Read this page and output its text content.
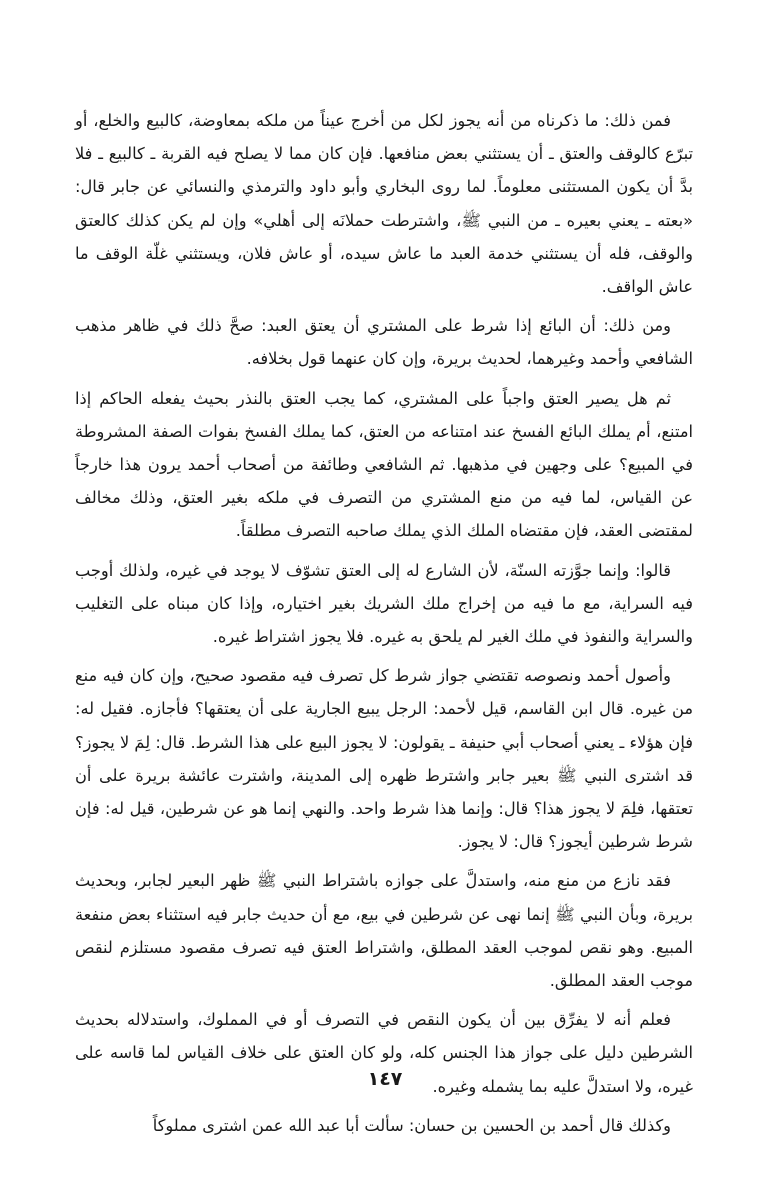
فمن ذلك: ما ذكرناه من أنه يجوز لكل من أخرج عيناً من ملكه بمعاوضة، كالبيع والخلع، أو تبرّع كالوقف والعتق ـ أن يستثني بعض منافعها. فإن كان مما لا يصلح فيه القربة ـ كالبيع ـ فلا بدَّ أن يكون المستثنى معلوماً. لما روى البخاري وأبو داود والترمذي والنسائي عن جابر قال: «بعته ـ يعني بعيره ـ من النبي ﷺ، واشترطت حملانَه إلى أهلي» وإن لم يكن كذلك كالعتق والوقف، فله أن يستثني خدمة العبد ما عاش سيده، أو عاش فلان، ويستثني غلّة الوقف ما عاش الواقف.

ومن ذلك: أن البائع إذا شرط على المشتري أن يعتق العبد: صحَّ ذلك في ظاهر مذهب الشافعي وأحمد وغيرهما، لحديث بريرة، وإن كان عنهما قول بخلافه.

ثم هل يصير العتق واجباً على المشتري، كما يجب العتق بالنذر بحيث يفعله الحاكم إذا امتنع، أم يملك البائع الفسخ عند امتناعه من العتق، كما يملك الفسخ بفوات الصفة المشروطة في المبيع؟ على وجهين في مذهبها. ثم الشافعي وطائفة من أصحاب أحمد يرون هذا خارجاً عن القياس، لما فيه من منع المشتري من التصرف في ملكه بغير العتق، وذلك مخالف لمقتضى العقد، فإن مقتضاه الملك الذي يملك صاحبه التصرف مطلقاً.

قالوا: وإنما جوَّزته السنّة، لأن الشارع له إلى العتق تشوّف لا يوجد في غيره، ولذلك أوجب فيه السراية، مع ما فيه من إخراج ملك الشريك بغير اختياره، وإذا كان مبناه على التغليب والسراية والنفوذ في ملك الغير لم يلحق به غيره. فلا يجوز اشتراط غيره.

وأصول أحمد ونصوصه تقتضي جواز شرط كل تصرف فيه مقصود صحيح، وإن كان فيه منع من غيره. قال ابن القاسم، قيل لأحمد: الرجل يبيع الجارية على أن يعتقها؟ فأجازه. فقيل له: فإن هؤلاء ـ يعني أصحاب أبي حنيفة ـ يقولون: لا يجوز البيع على هذا الشرط. قال: لِمَ لا يجوز؟ قد اشترى النبي ﷺ بعير جابر واشترط ظهره إلى المدينة، واشترت عائشة بريرة على أن تعتقها، فلِمَ لا يجوز هذا؟ قال: وإنما هذا شرط واحد. والنهي إنما هو عن شرطين، قيل له: فإن شرط شرطين أيجوز؟ قال: لا يجوز.

فقد نازع من منع منه، واستدلَّ على جوازه باشتراط النبي ﷺ ظهر البعير لجابر، وبحديث بريرة، وبأن النبي ﷺ إنما نهى عن شرطين في بيع، مع أن حديث جابر فيه استثناء بعض منفعة المبيع. وهو نقص لموجب العقد المطلق، واشتراط العتق فيه تصرف مقصود مستلزم لنقص موجب العقد المطلق.

فعلم أنه لا يفرِّق بين أن يكون النقص في التصرف أو في المملوك، واستدلاله بحديث الشرطين دليل على جواز هذا الجنس كله، ولو كان العتق على خلاف القياس لما قاسه على غيره، ولا استدلَّ عليه بما يشمله وغيره.

وكذلك قال أحمد بن الحسين بن حسان: سألت أبا عبد الله عمن اشترى مملوكاً

١٤٧
